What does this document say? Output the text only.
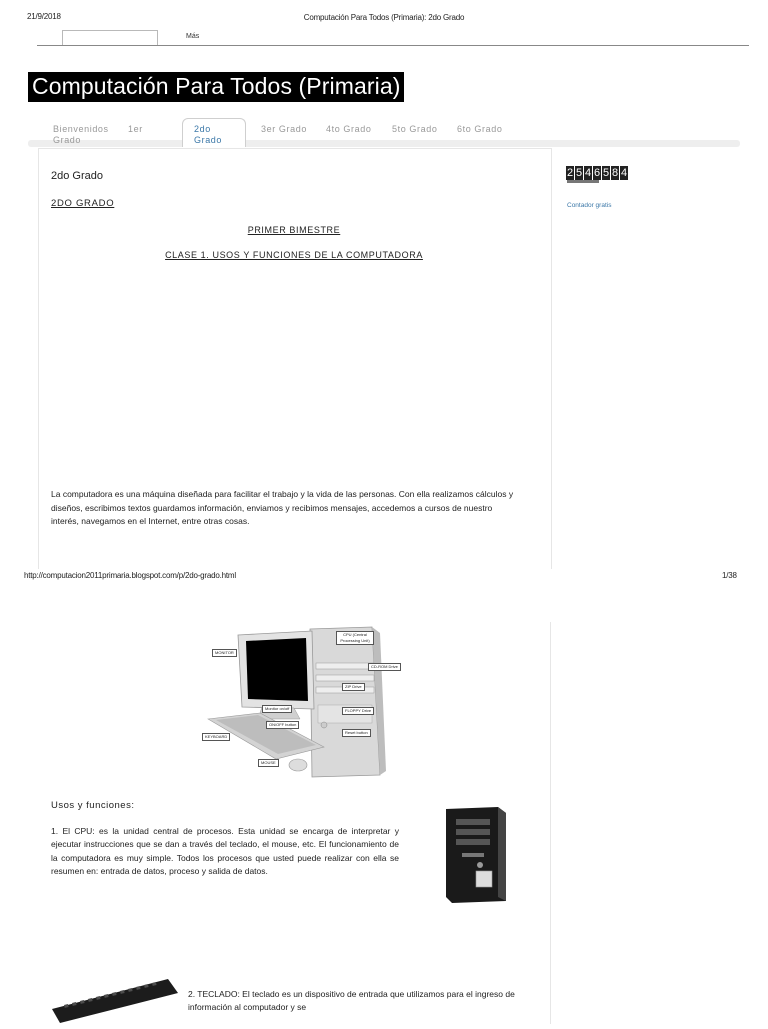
21/9/2018	Computación Para Todos (Primaria): 2do Grado
Más
Computación Para Todos (Primaria)
Bienvenidos
Grado
1er	2do
Grado
3er Grado 4to Grado 5to Grado 6to Grado
2do Grado
2DO GRADO
PRIMER BIMESTRE
CLASE 1. USOS Y FUNCIONES DE LA COMPUTADORA
La computadora es una máquina diseñada para facilitar el trabajo y la vida de las personas. Con ella realizamos cálculos y diseños, escribimos textos guardamos información, enviamos y recibimos mensajes, accedemos a cursos de nuestro interés, navegamos en el Internet, entre otras cosas.
2 5 4 6 5 8 4
Contador gratis
http://computacion2011primaria.blogspot.com/p/2do-grado.html	1/38
MONITOR
CPU (Central Processing Unit)
CD-ROM Drive
ZIP Drive
FLOPPY Drive
Monitor on/off
ON/OFF button
Reset button
KEYBOARD
MOUSE
Usos y funciones:
1. El CPU: es la unidad central de procesos. Esta unidad se encarga de interpretar y ejecutar instrucciones que se dan a través del teclado, el mouse, etc. El funcionamiento de la computadora es muy simple. Todos los procesos que usted puede realizar con ella se resumen en: entrada de datos, proceso y salida de datos.
2. TECLADO: El teclado es un dispositivo de entrada que utilizamos para el ingreso de información al computador y se
